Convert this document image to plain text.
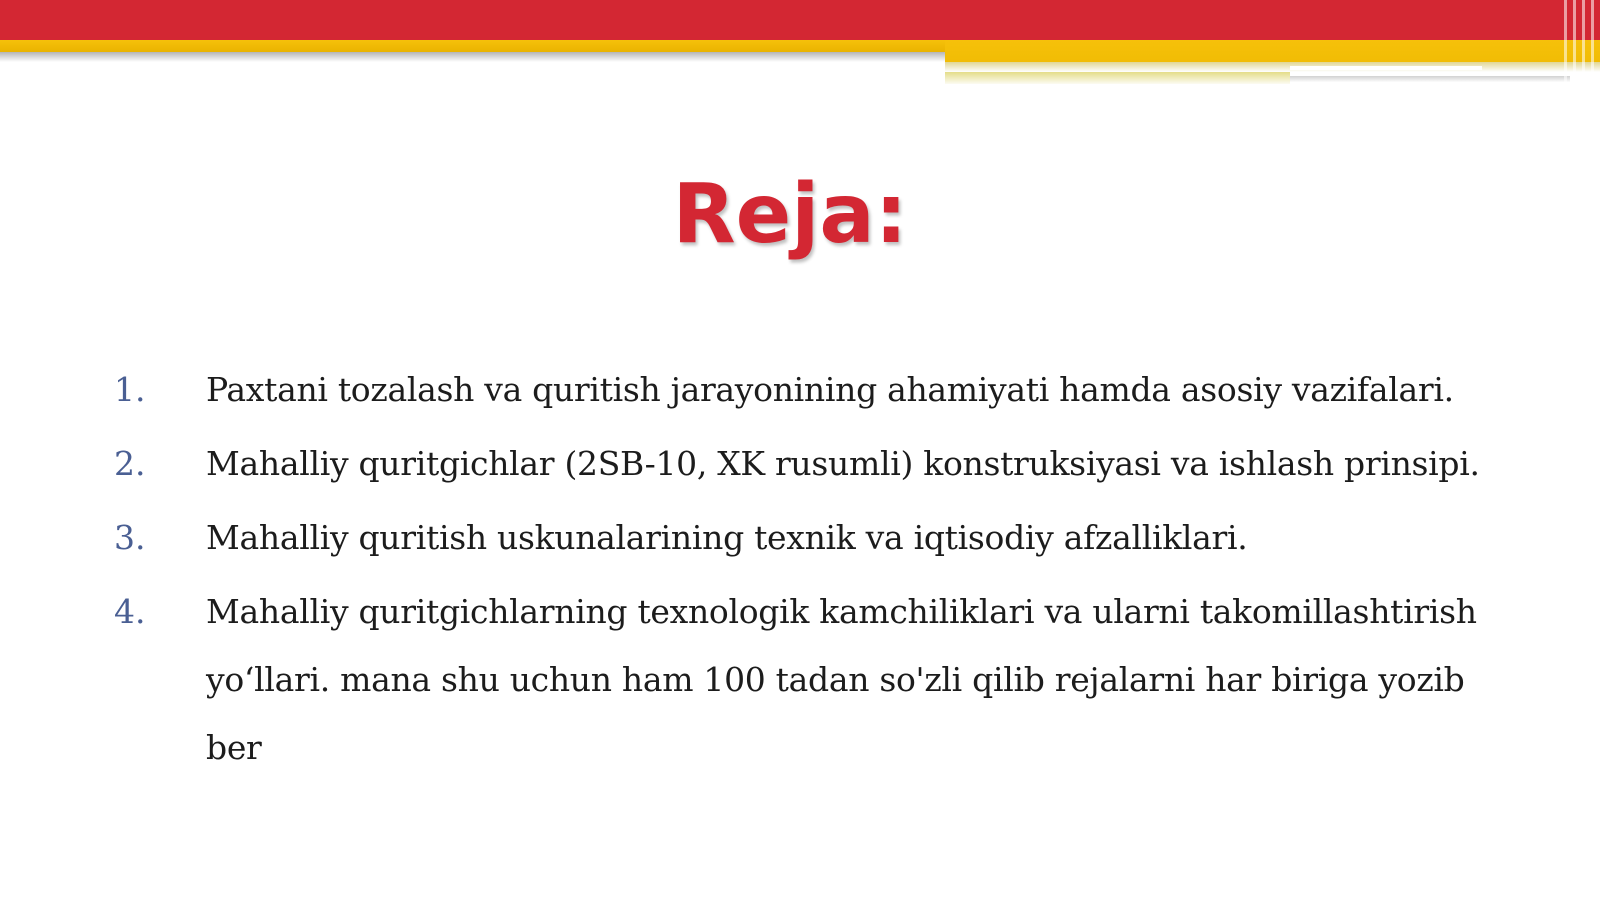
Reja:
1.	Paxtani tozalash va quritish jarayonining ahamiyati hamda asosiy vazifalari.
2.	Mahalliy quritgichlar (2SB-10, XK rusumli) konstruksiyasi va ishlash prinsipi.
3.	Mahalliy quritish uskunalarining texnik va iqtisodiy afzalliklari.
4.	Mahalliy quritgichlarning texnologik kamchiliklari va ularni takomillashtirish yo‘llari. mana shu uchun ham 100 tadan so'zli qilib rejalarni har biriga yozib ber
